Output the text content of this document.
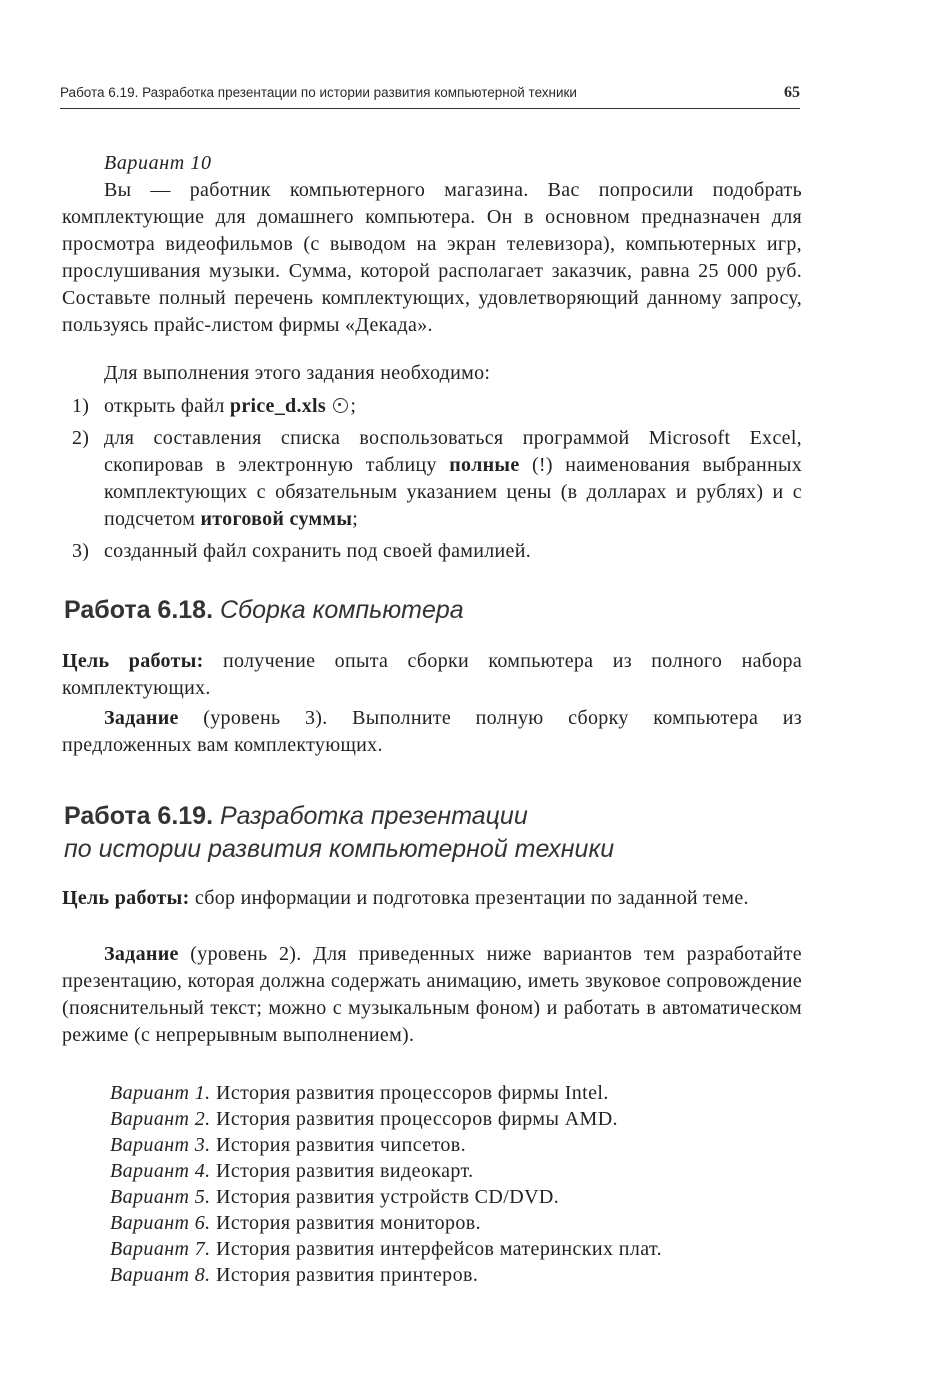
Работа 6.19. Разработка презентации по истории развития компьютерной техники	65
Вариант 10
Вы — работник компьютерного магазина. Вас попросили подобрать комплектующие для домашнего компьютера. Он в основном предназначен для просмотра видеофильмов (с выводом на экран телевизора), компьютерных игр, прослушивания музыки. Сумма, которой располагает заказчик, равна 25 000 руб. Составьте полный перечень комплектующих, удовлетворяющий данному запросу, пользуясь прайс-листом фирмы «Декада».
Для выполнения этого задания необходимо:
1) открыть файл price_d.xls ;
2) для составления списка воспользоваться программой Microsoft Excel, скопировав в электронную таблицу полные (!) наименования выбранных комплектующих с обязательным указанием цены (в долларах и рублях) и с подсчетом итоговой суммы;
3) созданный файл сохранить под своей фамилией.
Работа 6.18. Сборка компьютера
Цель работы: получение опыта сборки компьютера из полного набора комплектующих.
Задание (уровень 3). Выполните полную сборку компьютера из предложенных вам комплектующих.
Работа 6.19. Разработка презентации
по истории развития компьютерной техники
Цель работы: сбор информации и подготовка презентации по заданной теме.
Задание (уровень 2). Для приведенных ниже вариантов тем разработайте презентацию, которая должна содержать анимацию, иметь звуковое сопровождение (пояснительный текст; можно с музыкальным фоном) и работать в автоматическом режиме (с непрерывным выполнением).
Вариант 1. История развития процессоров фирмы Intel.
Вариант 2. История развития процессоров фирмы AMD.
Вариант 3. История развития чипсетов.
Вариант 4. История развития видеокарт.
Вариант 5. История развития устройств CD/DVD.
Вариант 6. История развития мониторов.
Вариант 7. История развития интерфейсов материнских плат.
Вариант 8. История развития принтеров.
